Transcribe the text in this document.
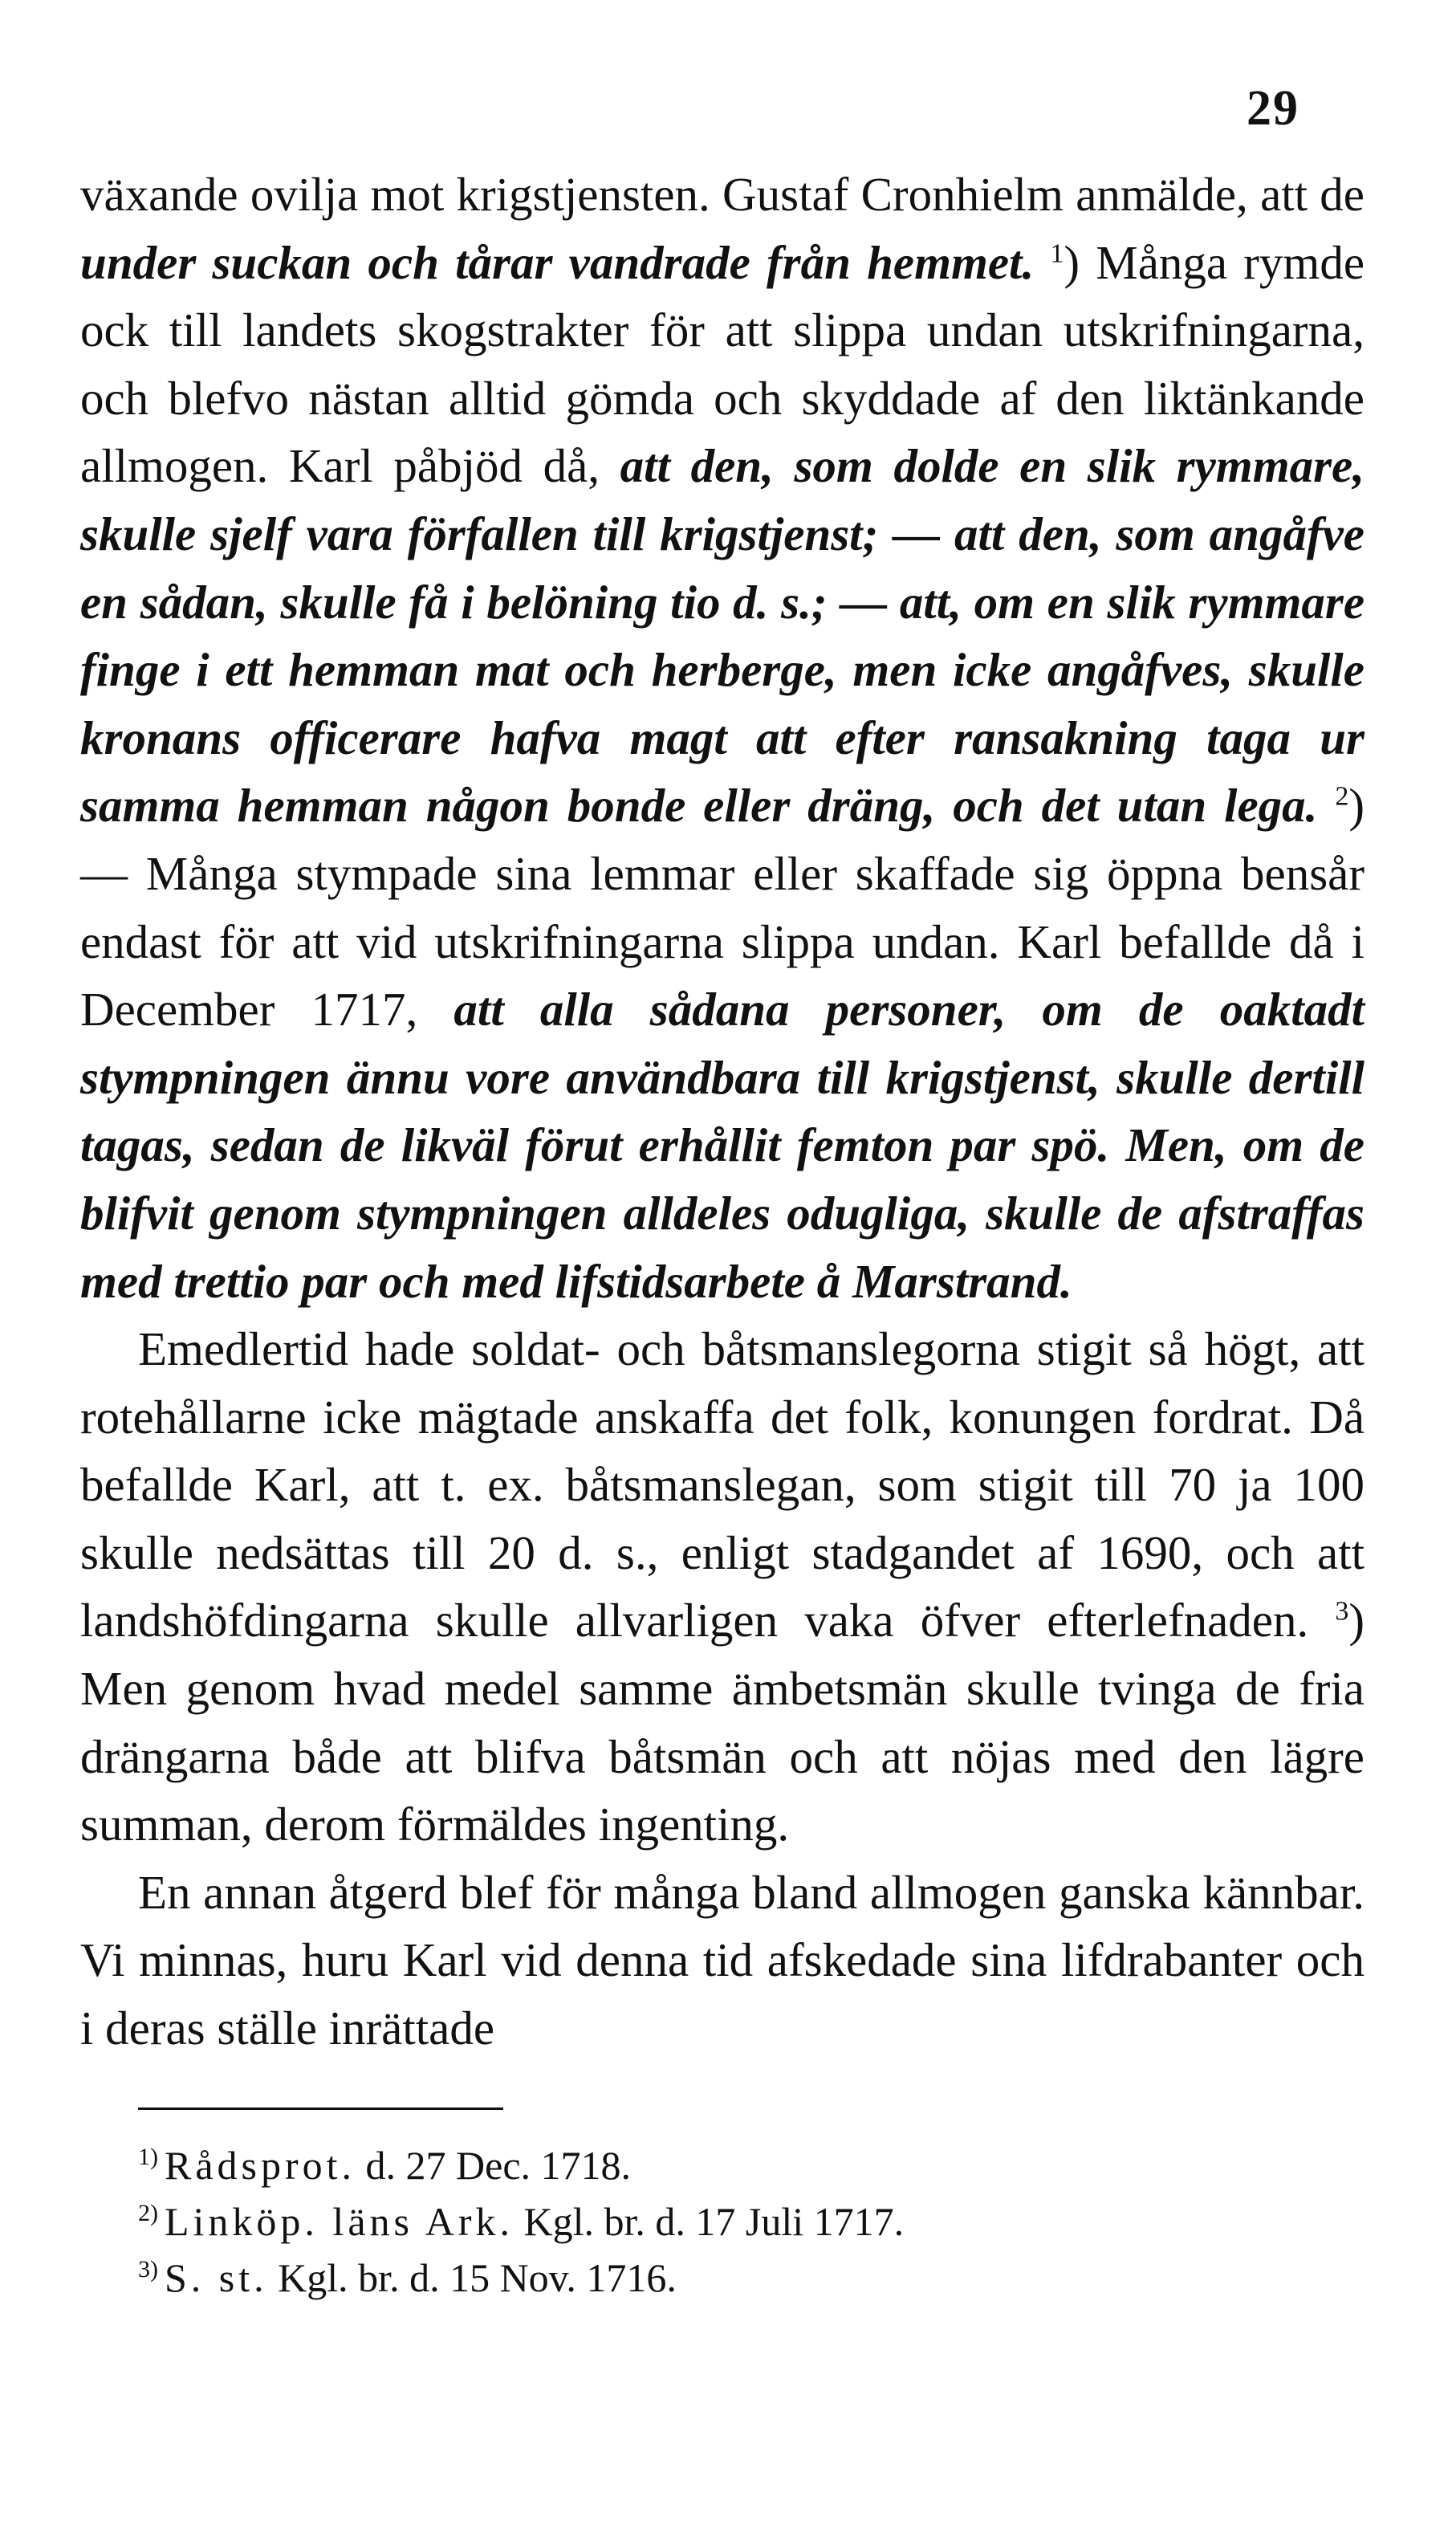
29

växande ovilja mot krigstjensten. Gustaf Cronhielm anmälde, att de under suckan och tårar vandrade från hemmet. $^1$) Många rymde ock till landets skogstrakter för att slippa undan utskrifningarna, och blefvo nästan alltid gömda och skyddade af den liktänkande allmogen. Karl påbjöd då, att den, som dolde en slik rymmare, skulle sjelf vara förfallen till krigstjenst; — att den, som angåfve en sådan, skulle få i belöning tio d. s.; — att, om en slik rymmare finge i ett hemman mat och herberge, men icke angåfves, skulle kronans officerare hafva magt att efter ransakning taga ur samma hemman någon bonde eller dräng, och det utan lega. $^2$) — Många stympade sina lemmar eller skaffade sig öppna bensår endast för att vid utskrifningarna slippa undan. Karl befallde då i December 1717, att alla sådana personer, om de oaktadt stympningen ännu vore användbara till krigstjenst, skulle dertill tagas, sedan de likväl förut erhållit femton par spö. Men, om de blifvit genom stympningen alldeles odugliga, skulle de afstraffas med trettio par och med lifstidsarbete å Marstrand.

Emedlertid hade soldat- och båtsmanslegorna stigit så högt, att rotehållarne icke mägtade anskaffa det folk, konungen fordrat. Då befallde Karl, att t. ex. båtsmanslegan, som stigit till 70 ja 100 skulle nedsättas till 20 d. s., enligt stadgandet af 1690, och att landshöfdingarna skulle allvarligen vaka öfver efterlefnaden. $^3$) Men genom hvad medel samme ämbetsmän skulle tvinga de fria drängarna både att blifva båtsmän och att nöjas med den lägre summan, derom förmäldes ingenting.

En annan åtgerd blef för många bland allmogen ganska kännbar. Vi minnas, huru Karl vid denna tid afskedade sina lifdrabanter och i deras ställe inrättade

$^{1)}$ Rådsprot. d. 27 Dec. 1718.
$^{2)}$ Linköp. läns Ark. Kgl. br. d. 17 Juli 1717.
$^{3)}$ S. st. Kgl. br. d. 15 Nov. 1716.
